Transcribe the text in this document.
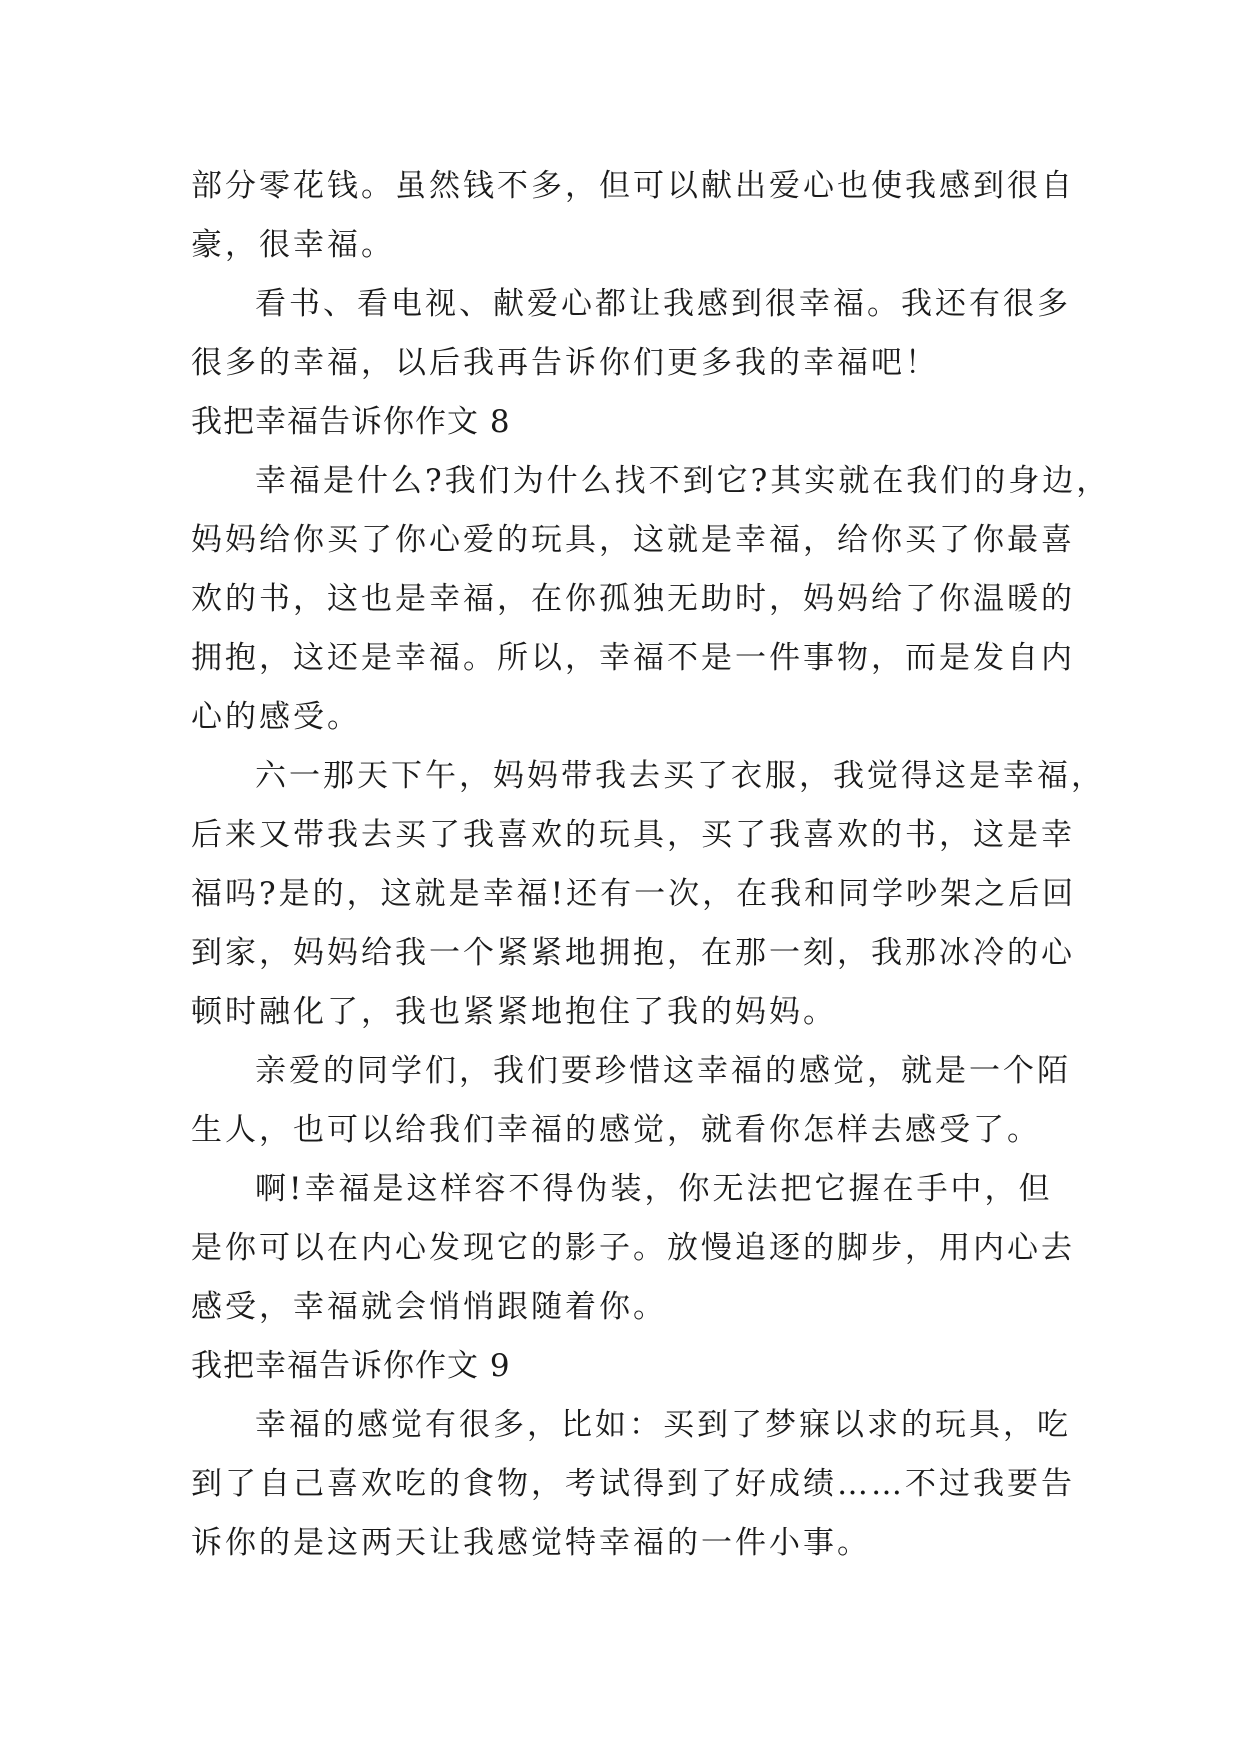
部分零花钱。虽然钱不多，但可以献出爱心也使我感到很自
豪，很幸福。
看书、看电视、献爱心都让我感到很幸福。我还有很多
很多的幸福，以后我再告诉你们更多我的幸福吧！
我把幸福告诉你作文 8
幸福是什么?我们为什么找不到它?其实就在我们的身边，
妈妈给你买了你心爱的玩具，这就是幸福，给你买了你最喜
欢的书，这也是幸福，在你孤独无助时，妈妈给了你温暖的
拥抱，这还是幸福。所以，幸福不是一件事物，而是发自内
心的感受。
六一那天下午，妈妈带我去买了衣服，我觉得这是幸福，
后来又带我去买了我喜欢的玩具，买了我喜欢的书，这是幸
福吗?是的，这就是幸福!还有一次，在我和同学吵架之后回
到家，妈妈给我一个紧紧地拥抱，在那一刻，我那冰冷的心
顿时融化了，我也紧紧地抱住了我的妈妈。
亲爱的同学们，我们要珍惜这幸福的感觉，就是一个陌
生人，也可以给我们幸福的感觉，就看你怎样去感受了。
啊!幸福是这样容不得伪装，你无法把它握在手中，但
是你可以在内心发现它的影子。放慢追逐的脚步，用内心去
感受，幸福就会悄悄跟随着你。
我把幸福告诉你作文 9
幸福的感觉有很多，比如：买到了梦寐以求的玩具，吃
到了自己喜欢吃的食物，考试得到了好成绩……不过我要告
诉你的是这两天让我感觉特幸福的一件小事。
